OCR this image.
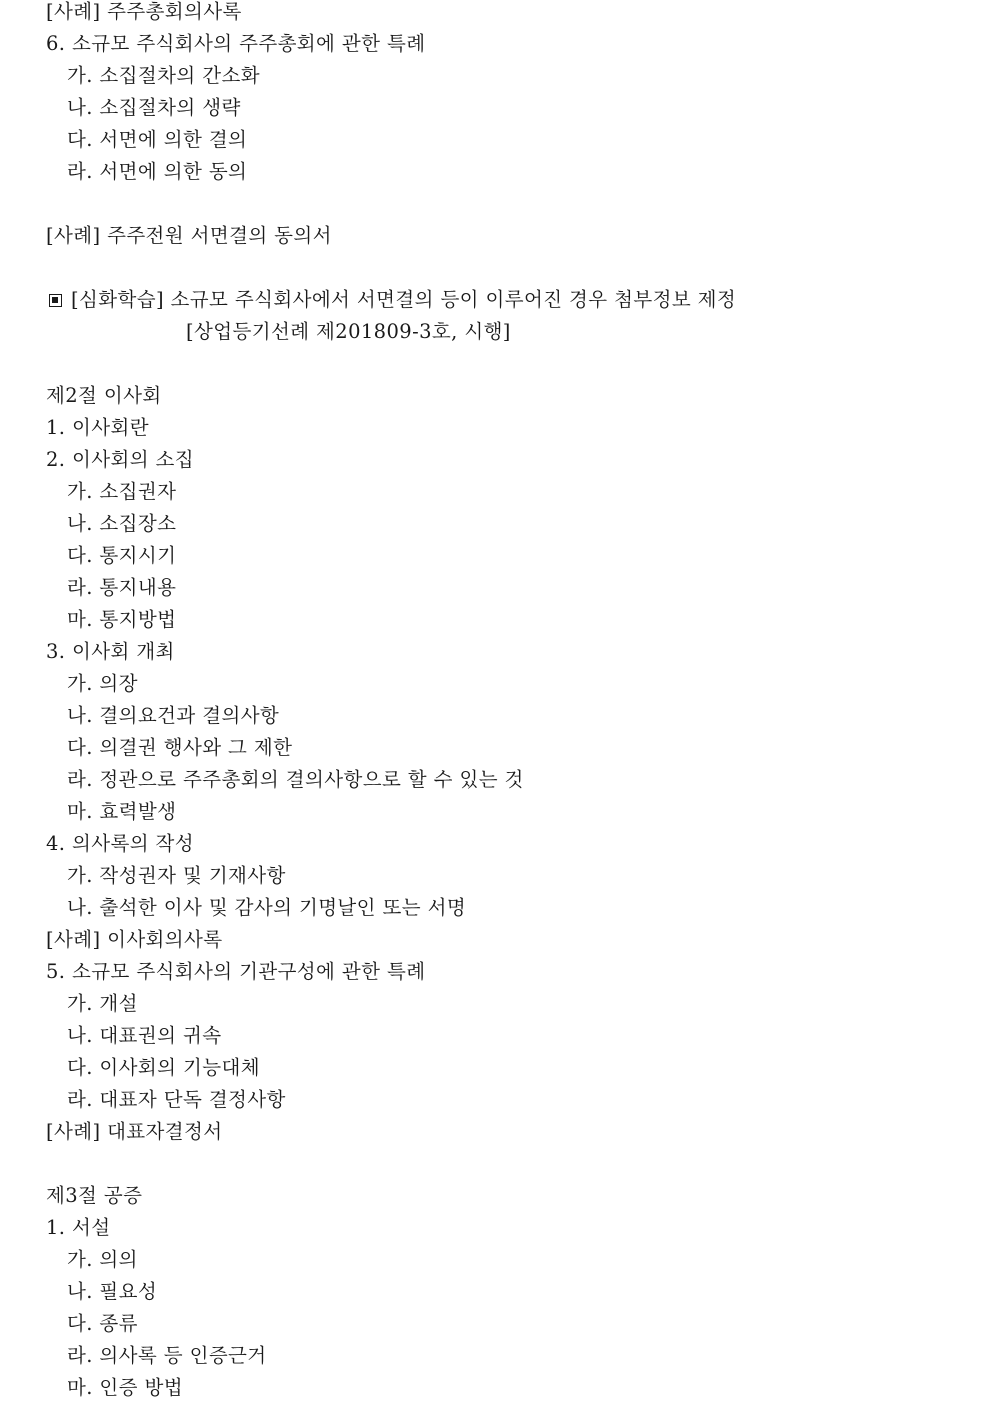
[사례] 주주총회의사록
6. 소규모 주식회사의 주주총회에 관한 특례
가. 소집절차의 간소화
나. 소집절차의 생략
다. 서면에 의한 결의
라. 서면에 의한 동의
[사례] 주주전원 서면결의 동의서
[심화학습] 소규모 주식회사에서 서면결의 등이 이루어진 경우 첨부정보 제정
[상업등기선례 제201809-3호, 시행]
제2절 이사회
1. 이사회란
2. 이사회의 소집
가. 소집권자
나. 소집장소
다. 통지시기
라. 통지내용
마. 통지방법
3. 이사회 개최
가. 의장
나. 결의요건과 결의사항
다. 의결권 행사와 그 제한
라. 정관으로 주주총회의 결의사항으로 할 수 있는 것
마. 효력발생
4. 의사록의 작성
가. 작성권자 및 기재사항
나. 출석한 이사 및 감사의 기명날인 또는 서명
[사례] 이사회의사록
5. 소규모 주식회사의 기관구성에 관한 특례
가. 개설
나. 대표권의 귀속
다. 이사회의 기능대체
라. 대표자 단독 결정사항
[사례] 대표자결정서
제3절 공증
1. 서설
가. 의의
나. 필요성
다. 종류
라. 의사록 등 인증근거
마. 인증 방법
